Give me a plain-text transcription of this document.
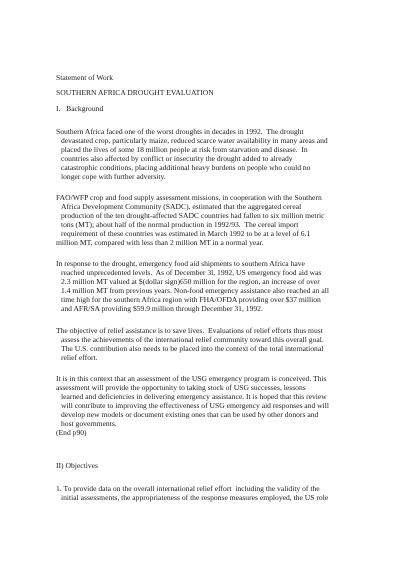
Statement of Work
SOUTHERN AFRICA DROUGHT EVALUATION
I.   Background
Southern Africa faced one of the worst droughts in decades in 1992.  The drought
devastated crop, particularly maize, reduced scarce water availability in many areas and
placed the lives of some 18 million people at risk from starvation and disease.  In
countries also affected by conflict or insecurity the drought added to already
catastrophic conditions, placing additional heavy burdens on people who could no
longer cope with further adversity.
FAO/WFP crop and food supply assessment missions, in cooperation with the Southern
Africa Development Community (SADC), estimated that the aggregated cereal
production of the ten drought-affected SADC countries had fallen to six million metric
tons (MT); about half of the normal production in 1992/93.  The cereal import
requirement of these countries was estimated in March 1992 to be at a level of 6.1
million MT, compared with less than 2 million MT in a normal year.
In response to the drought, emergency food aid shipments to southern Africa have
reached unprecedented levels.  As of December 3l, 1992, US emergency food aid was
2.3 million MT valued at $(dollar sign)650 million for the region, an increase of over
1.4 million MT from previous years. Non-food emergency assistance also reached an all
time high for the southern Africa region with FHA/OFDA providing over $37 million
and AFR/SA providing $59.9 million through December 31, 1992.
The objective of relief assistance is to save lives.  Evaluations of relief efforts thus must
assess the achievements of the international relief community toward this overall goal.
The U.S. contribution also needs to be placed into the context of the total international
relief effort.
It is in this context that an assessment of the USG emergency program is conceived. This
assessment will provide the opportunity to taking stock of USG successes, lessons
learned and deficiencies in delivering emergency assistance. It is hoped that this review
will contribute to improving the effectiveness of USG emergency aid responses and will
develop new models or document existing ones that can be used by other donors and
host governments.
(End p90)
II) Objectives
1. To provide data on the overall international relief effort  including the validity of the
initial assessments, the appropriateness of the response measures employed, the US role
